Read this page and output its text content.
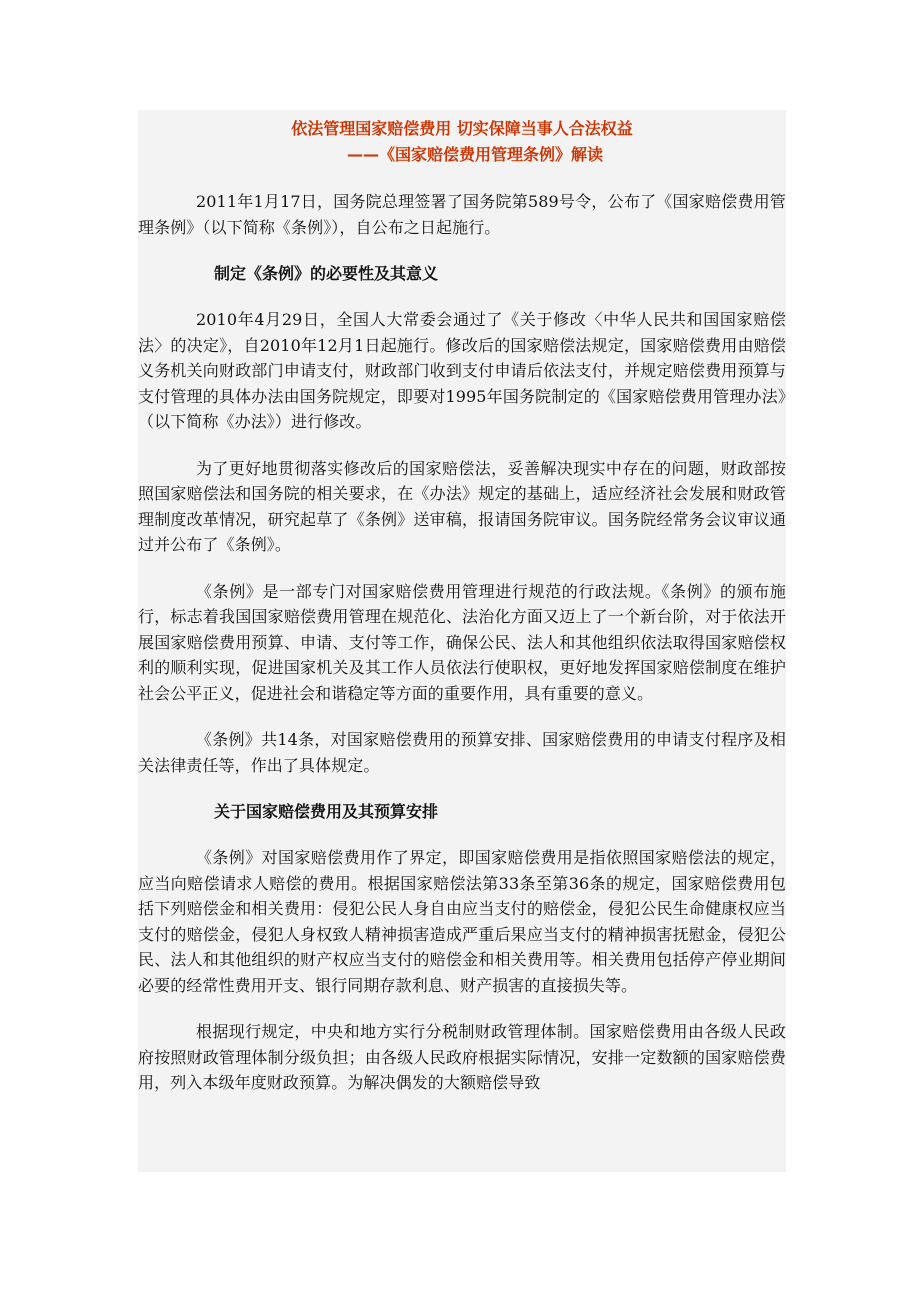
依法管理国家赔偿费用 切实保障当事人合法权益
——《国家赔偿费用管理条例》解读

2011年1月17日，国务院总理签署了国务院第589号令，公布了《国家赔偿费用管理条例》（以下简称《条例》），自公布之日起施行。

制定《条例》的必要性及其意义

2010年4月29日，全国人大常委会通过了《关于修改〈中华人民共和国国家赔偿法〉的决定》，自2010年12月1日起施行。修改后的国家赔偿法规定，国家赔偿费用由赔偿义务机关向财政部门申请支付，财政部门收到支付申请后依法支付，并规定赔偿费用预算与支付管理的具体办法由国务院规定，即要对1995年国务院制定的《国家赔偿费用管理办法》（以下简称《办法》）进行修改。

为了更好地贯彻落实修改后的国家赔偿法，妥善解决现实中存在的问题，财政部按照国家赔偿法和国务院的相关要求，在《办法》规定的基础上，适应经济社会发展和财政管理制度改革情况，研究起草了《条例》送审稿，报请国务院审议。国务院经常务会议审议通过并公布了《条例》。

《条例》是一部专门对国家赔偿费用管理进行规范的行政法规。《条例》的颁布施行，标志着我国国家赔偿费用管理在规范化、法治化方面又迈上了一个新台阶，对于依法开展国家赔偿费用预算、申请、支付等工作，确保公民、法人和其他组织依法取得国家赔偿权利的顺利实现，促进国家机关及其工作人员依法行使职权，更好地发挥国家赔偿制度在维护社会公平正义，促进社会和谐稳定等方面的重要作用，具有重要的意义。

《条例》共14条，对国家赔偿费用的预算安排、国家赔偿费用的申请支付程序及相关法律责任等，作出了具体规定。

关于国家赔偿费用及其预算安排

《条例》对国家赔偿费用作了界定，即国家赔偿费用是指依照国家赔偿法的规定，应当向赔偿请求人赔偿的费用。根据国家赔偿法第33条至第36条的规定，国家赔偿费用包括下列赔偿金和相关费用：侵犯公民人身自由应当支付的赔偿金，侵犯公民生命健康权应当支付的赔偿金，侵犯人身权致人精神损害造成严重后果应当支付的精神损害抚慰金，侵犯公民、法人和其他组织的财产权应当支付的赔偿金和相关费用等。相关费用包括停产停业期间必要的经常性费用开支、银行同期存款利息、财产损害的直接损失等。

根据现行规定，中央和地方实行分税制财政管理体制。国家赔偿费用由各级人民政府按照财政管理体制分级负担；由各级人民政府根据实际情况，安排一定数额的国家赔偿费用，列入本级年度财政预算。为解决偶发的大额赔偿导致
